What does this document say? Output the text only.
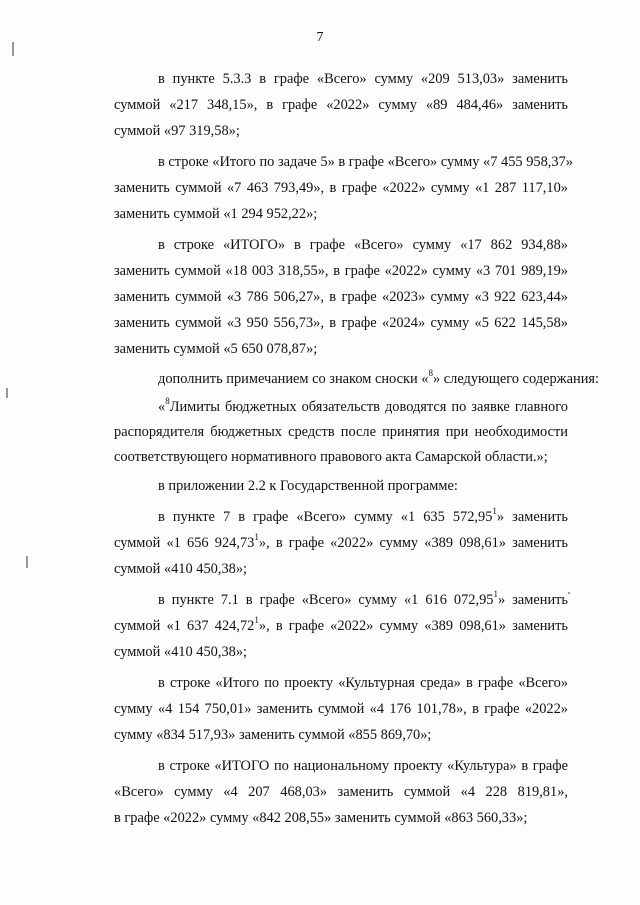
7
в пункте 5.3.3 в графе «Всего» сумму «209 513,03» заменить
суммой «217 348,15», в графе «2022» сумму «89 484,46» заменить
суммой «97 319,58»;
в строке «Итого по задаче 5» в графе «Всего» сумму «7 455 958,37»
заменить суммой «7 463 793,49», в графе «2022» сумму «1 287 117,10»
заменить суммой «1 294 952,22»;
в строке «ИТОГО» в графе «Всего» сумму «17 862 934,88»
заменить суммой «18 003 318,55», в графе «2022» сумму «3 701 989,19»
заменить суммой «3 786 506,27», в графе «2023» сумму «3 922 623,44»
заменить суммой «3 950 556,73», в графе «2024» сумму «5 622 145,58»
заменить суммой «5 650 078,87»;
дополнить примечанием со знаком сноски «$^8$» следующего содержания:
«$^8$Лимиты бюджетных обязательств доводятся по заявке главного
распорядителя бюджетных средств после принятия при необходимости
соответствующего нормативного правового акта Самарской области.»;
в приложении 2.2 к Государственной программе:
в пункте 7 в графе «Всего» сумму «1 635 572,95$^1$» заменить
суммой «1 656 924,73$^1$», в графе «2022» сумму «389 098,61» заменить
суммой «410 450,38»;
в пункте 7.1 в графе «Всего» сумму «1 616 072,95$^1$» заменить
суммой «1 637 424,72$^1$», в графе «2022» сумму «389 098,61» заменить
суммой «410 450,38»;
в строке «Итого по проекту «Культурная среда» в графе «Всего»
сумму «4 154 750,01» заменить суммой «4 176 101,78», в графе «2022»
сумму «834 517,93» заменить суммой «855 869,70»;
в строке «ИТОГО по национальному проекту «Культура» в графе
«Всего» сумму «4 207 468,03» заменить суммой «4 228 819,81»,
в графе «2022» сумму «842 208,55» заменить суммой «863 560,33»;
